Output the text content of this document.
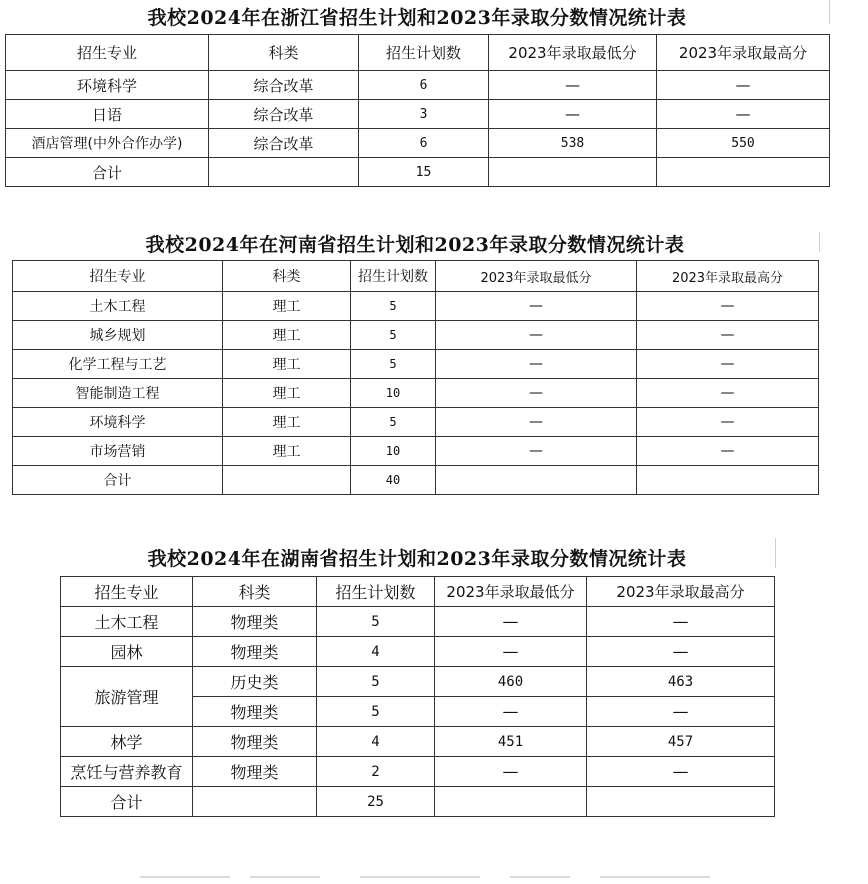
我校2024年在浙江省招生计划和2023年录取分数情况统计表
招生专业	科类	招生计划数	2023年录取最低分	2023年录取最高分
环境科学	综合改革	6	—	—
日语	综合改革	3	—	—
酒店管理(中外合作办学)	综合改革	6	538	550
合计		15		
我校2024年在河南省招生计划和2023年录取分数情况统计表
招生专业	科类	招生计划数	2023年录取最低分	2023年录取最高分
土木工程	理工	5	—	—
城乡规划	理工	5	—	—
化学工程与工艺	理工	5	—	—
智能制造工程	理工	10	—	—
环境科学	理工	5	—	—
市场营销	理工	10	—	—
合计		40		
我校2024年在湖南省招生计划和2023年录取分数情况统计表
招生专业	科类	招生计划数	2023年录取最低分	2023年录取最高分
土木工程	物理类	5	—	—
园林	物理类	4	—	—
旅游管理	历史类	5	460	463
	物理类	5	—	—
林学	物理类	4	451	457
烹饪与营养教育	物理类	2	—	—
合计		25		
